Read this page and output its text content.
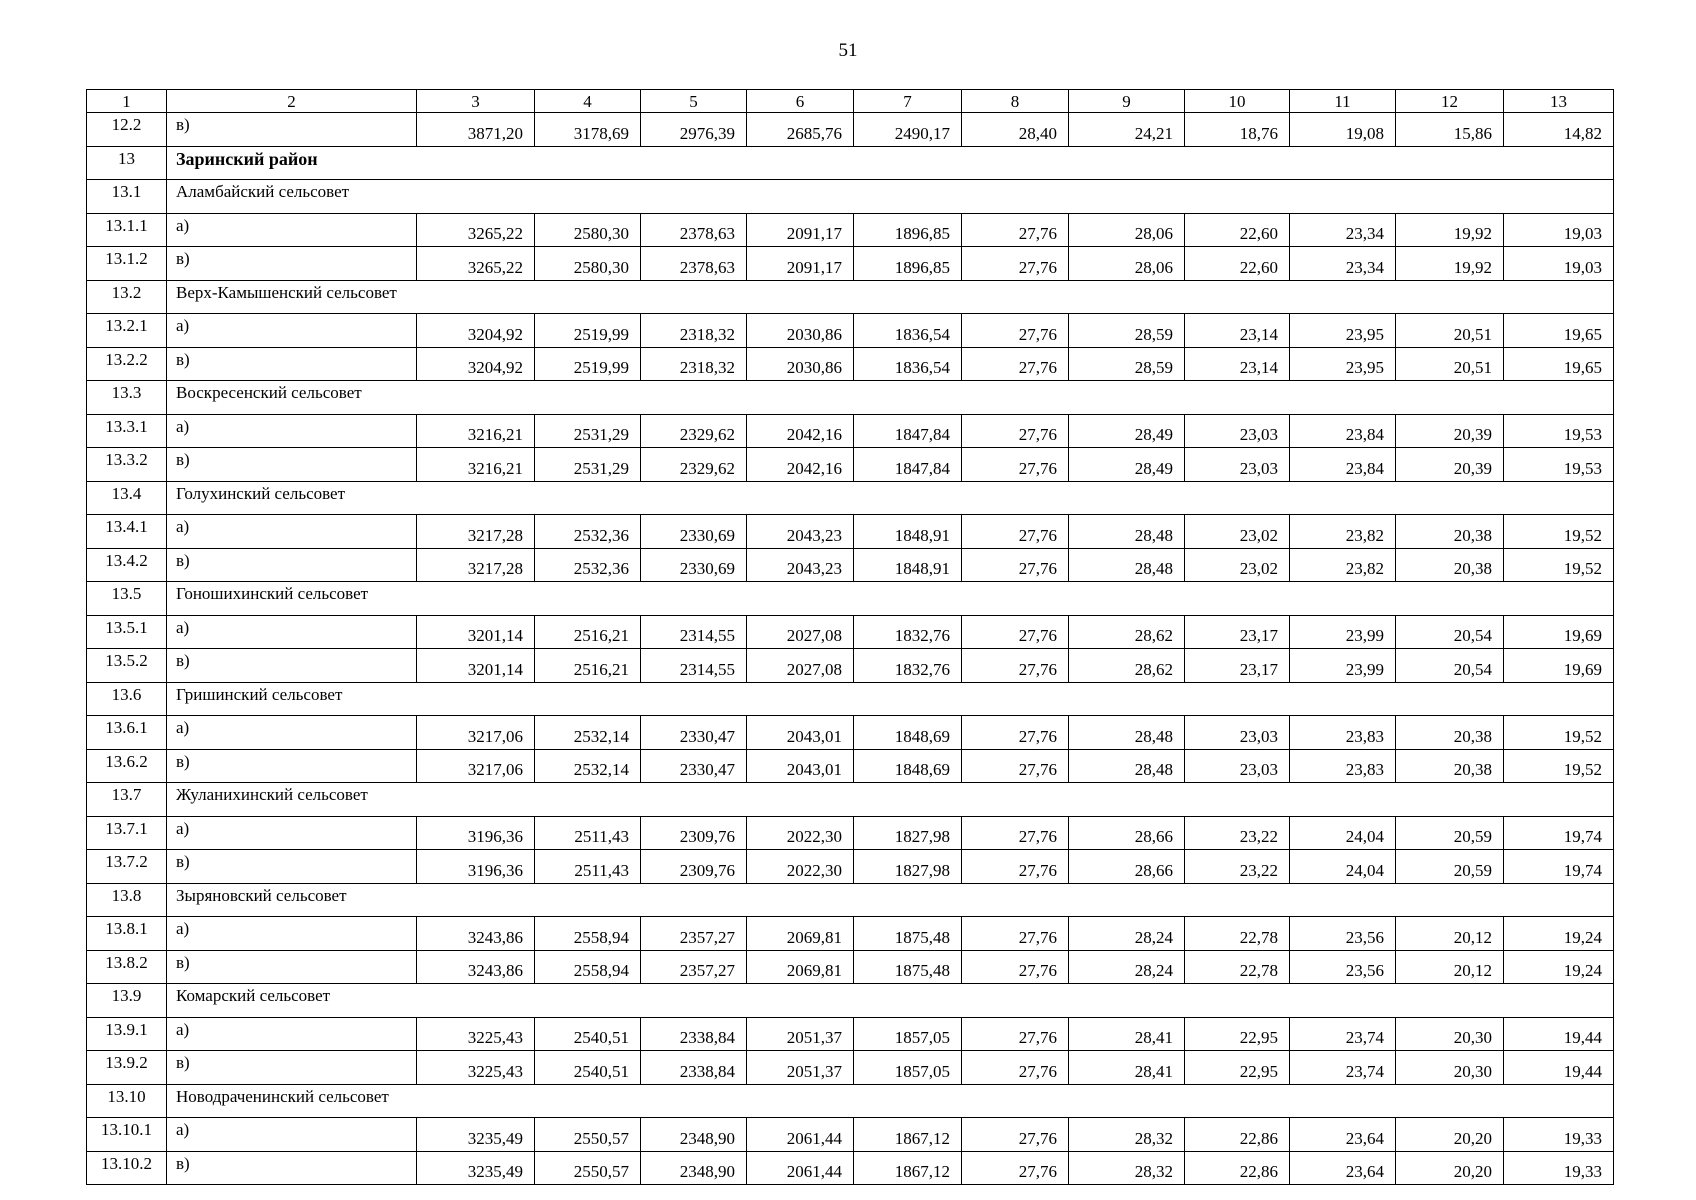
51
1	2	3	4	5	6	7	8	9	10	11	12	13
12.2	в)	3871,20	3178,69	2976,39	2685,76	2490,17	28,40	24,21	18,76	19,08	15,86	14,82
13	Заринский район											
13.1	Аламбайский сельсовет											
13.1.1	а)	3265,22	2580,30	2378,63	2091,17	1896,85	27,76	28,06	22,60	23,34	19,92	19,03
13.1.2	в)	3265,22	2580,30	2378,63	2091,17	1896,85	27,76	28,06	22,60	23,34	19,92	19,03
13.2	Верх-Камышенский сельсовет											
13.2.1	а)	3204,92	2519,99	2318,32	2030,86	1836,54	27,76	28,59	23,14	23,95	20,51	19,65
13.2.2	в)	3204,92	2519,99	2318,32	2030,86	1836,54	27,76	28,59	23,14	23,95	20,51	19,65
13.3	Воскресенский сельсовет											
13.3.1	а)	3216,21	2531,29	2329,62	2042,16	1847,84	27,76	28,49	23,03	23,84	20,39	19,53
13.3.2	в)	3216,21	2531,29	2329,62	2042,16	1847,84	27,76	28,49	23,03	23,84	20,39	19,53
13.4	Голухинский сельсовет											
13.4.1	а)	3217,28	2532,36	2330,69	2043,23	1848,91	27,76	28,48	23,02	23,82	20,38	19,52
13.4.2	в)	3217,28	2532,36	2330,69	2043,23	1848,91	27,76	28,48	23,02	23,82	20,38	19,52
13.5	Гоношихинский сельсовет											
13.5.1	а)	3201,14	2516,21	2314,55	2027,08	1832,76	27,76	28,62	23,17	23,99	20,54	19,69
13.5.2	в)	3201,14	2516,21	2314,55	2027,08	1832,76	27,76	28,62	23,17	23,99	20,54	19,69
13.6	Гришинский сельсовет											
13.6.1	а)	3217,06	2532,14	2330,47	2043,01	1848,69	27,76	28,48	23,03	23,83	20,38	19,52
13.6.2	в)	3217,06	2532,14	2330,47	2043,01	1848,69	27,76	28,48	23,03	23,83	20,38	19,52
13.7	Жуланихинский сельсовет											
13.7.1	а)	3196,36	2511,43	2309,76	2022,30	1827,98	27,76	28,66	23,22	24,04	20,59	19,74
13.7.2	в)	3196,36	2511,43	2309,76	2022,30	1827,98	27,76	28,66	23,22	24,04	20,59	19,74
13.8	Зыряновский сельсовет											
13.8.1	а)	3243,86	2558,94	2357,27	2069,81	1875,48	27,76	28,24	22,78	23,56	20,12	19,24
13.8.2	в)	3243,86	2558,94	2357,27	2069,81	1875,48	27,76	28,24	22,78	23,56	20,12	19,24
13.9	Комарский сельсовет											
13.9.1	а)	3225,43	2540,51	2338,84	2051,37	1857,05	27,76	28,41	22,95	23,74	20,30	19,44
13.9.2	в)	3225,43	2540,51	2338,84	2051,37	1857,05	27,76	28,41	22,95	23,74	20,30	19,44
13.10	Новодраченинский сельсовет											
13.10.1	а)	3235,49	2550,57	2348,90	2061,44	1867,12	27,76	28,32	22,86	23,64	20,20	19,33
13.10.2	в)	3235,49	2550,57	2348,90	2061,44	1867,12	27,76	28,32	22,86	23,64	20,20	19,33
